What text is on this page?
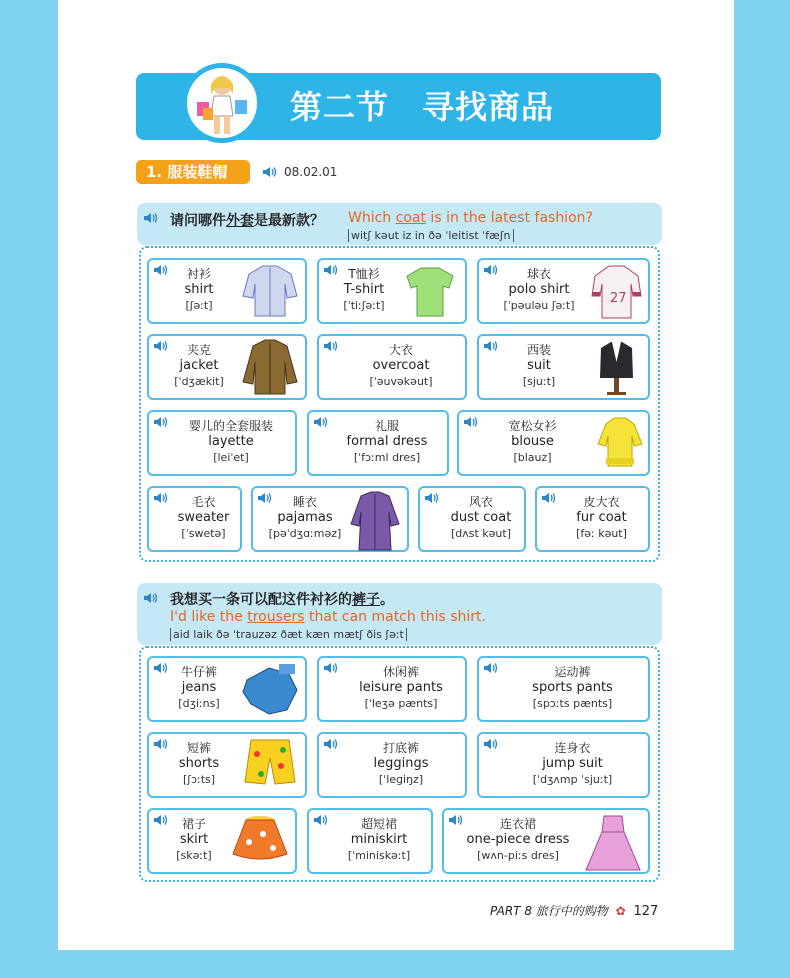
第二节　寻找商品
1. 服装鞋帽	08.02.01
请问哪件外套是最新款？ Which coat is in the latest fashion?
witʃ kəut iz in ðə ˈleitist ˈfæʃn
我想买一条可以配这件衬衫的裤子。
I'd like the trousers that can match this shirt.
aid laik ðə ˈtrauzəz ðæt kæn mætʃ ðis ʃəːt
衬衫
shirt
[ʃəːt]
T恤衫
T-shirt
[ˈtiːʃəːt]
球衣
polo shirt
[ˈpəuləu ʃəːt]	27
夹克
jacket
[ˈdʒækit]
大衣
overcoat
[ˈəuvəkəut]
西装
suit
[sjuːt]
婴儿的全套服装
layette
[leiˈet]
礼服
formal dress
[ˈfɔːml dres]
宽松女衫
blouse
[blauz]
毛衣
sweater
[ˈswetə]
睡衣
pajamas
[pəˈdʒɑːməz]
风衣
dust coat
[dʌst kəut]
皮大衣
fur coat
[fəː kəut]
牛仔裤
jeans
[dʒiːns]
休闲裤
leisure pants
[ˈleʒə pænts]
运动裤
sports pants
[spɔːts pænts]
短裤
shorts
[ʃɔːts]
打底裤
leggings
[ˈleɡiŋz]
连身衣
jump suit
[ˈdʒʌmp ˈsjuːt]
裙子
skirt
[skəːt]
超短裙
miniskirt
[ˈminiskəːt]
连衣裙
one-piece dress
[wʌn-piːs dres]
PART 8 旅行中的购物 ✿ 127
